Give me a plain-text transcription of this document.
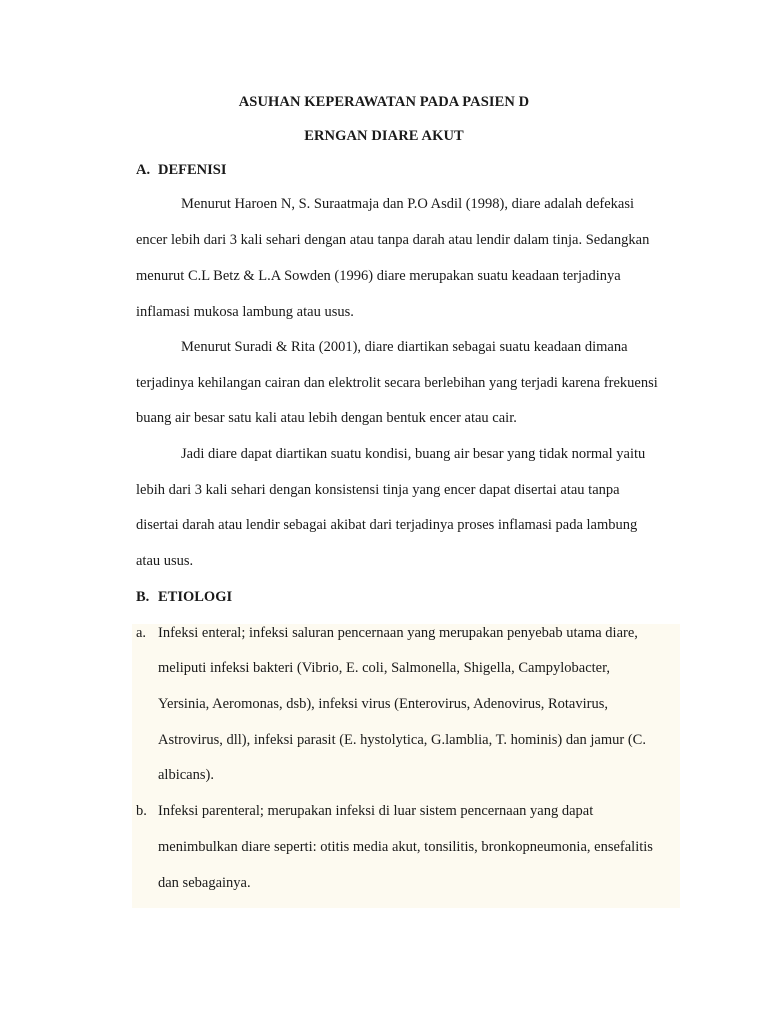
ASUHAN KEPERAWATAN PADA PASIEN D
ERNGAN DIARE AKUT
A. DEFENISI
Menurut Haroen N, S. Suraatmaja dan P.O Asdil (1998), diare adalah defekasi
encer lebih dari 3 kali sehari dengan atau tanpa darah atau lendir dalam tinja. Sedangkan
menurut C.L Betz & L.A Sowden (1996) diare merupakan suatu keadaan terjadinya
inflamasi mukosa lambung atau usus.
Menurut Suradi & Rita (2001), diare diartikan sebagai suatu keadaan dimana
terjadinya kehilangan cairan dan elektrolit secara berlebihan yang terjadi karena frekuensi
buang air besar satu kali atau lebih dengan bentuk encer atau cair.
Jadi diare dapat diartikan suatu kondisi, buang air besar yang tidak normal yaitu
lebih dari 3 kali sehari dengan konsistensi tinja yang encer dapat disertai atau tanpa
disertai darah atau lendir sebagai akibat dari terjadinya proses inflamasi pada lambung
atau usus.
B. ETIOLOGI
a. Infeksi enteral; infeksi saluran pencernaan yang merupakan penyebab utama diare,
meliputi infeksi bakteri (Vibrio, E. coli, Salmonella, Shigella, Campylobacter,
Yersinia, Aeromonas, dsb), infeksi virus (Enterovirus, Adenovirus, Rotavirus,
Astrovirus, dll), infeksi parasit (E. hystolytica, G.lamblia, T. hominis) dan jamur (C.
albicans).
b. Infeksi parenteral; merupakan infeksi di luar sistem pencernaan yang dapat
menimbulkan diare seperti: otitis media akut, tonsilitis, bronkopneumonia, ensefalitis
dan sebagainya.
